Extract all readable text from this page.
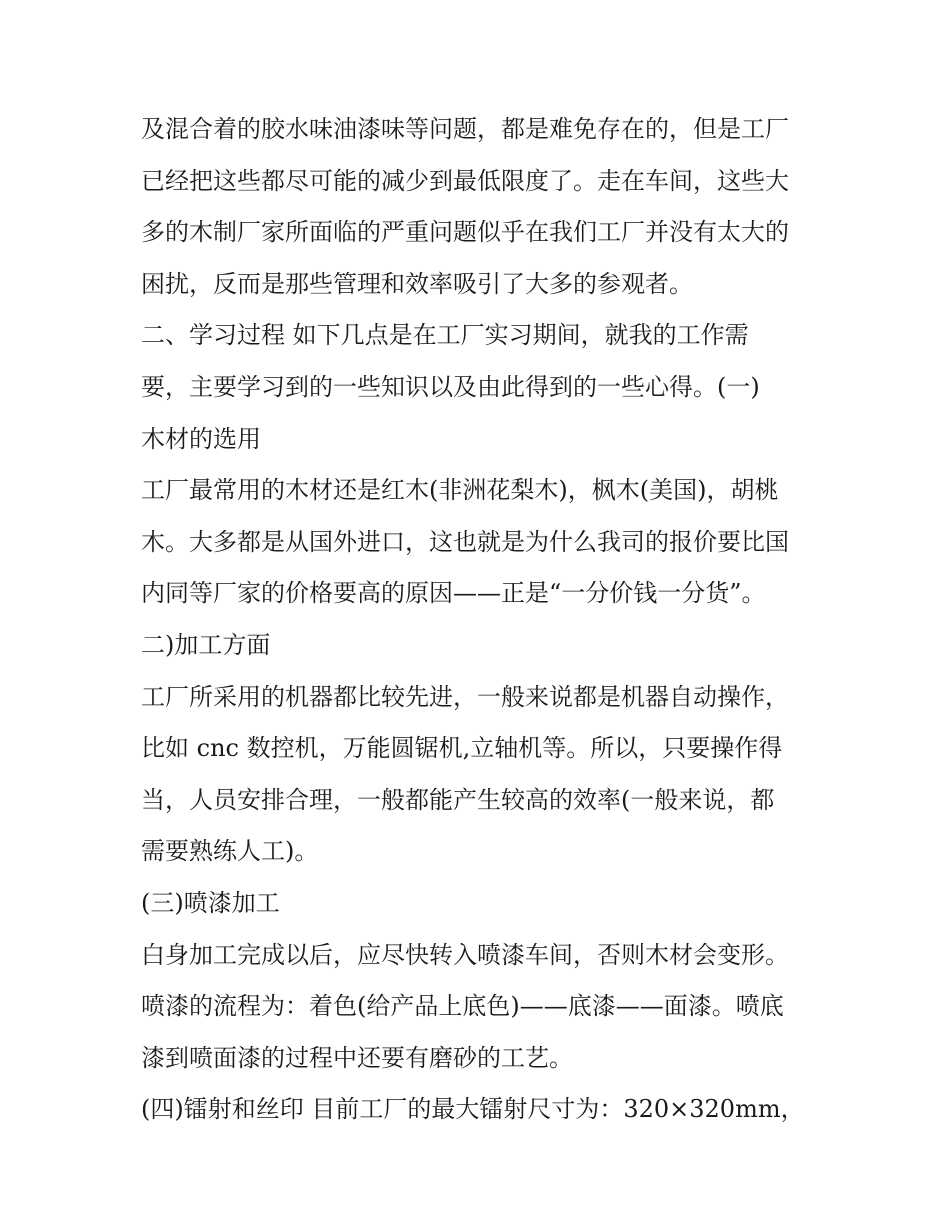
及混合着的胶水味油漆味等问题，都是难免存在的，但是工厂
已经把这些都尽可能的减少到最低限度了。走在车间，这些大
多的木制厂家所面临的严重问题似乎在我们工厂并没有太大的
困扰，反而是那些管理和效率吸引了大多的参观者。
二、学习过程 如下几点是在工厂实习期间，就我的工作需
要，主要学习到的一些知识以及由此得到的一些心得。(一)
木材的选用
工厂最常用的木材还是红木(非洲花梨木)，枫木(美国)，胡桃
木。大多都是从国外进口，这也就是为什么我司的报价要比国
内同等厂家的价格要高的原因——正是“一分价钱一分货”。
二)加工方面
工厂所采用的机器都比较先进，一般来说都是机器自动操作，
比如 cnc 数控机，万能圆锯机,立轴机等。所以，只要操作得
当，人员安排合理，一般都能产生较高的效率(一般来说，都
需要熟练人工)。
(三)喷漆加工
白身加工完成以后，应尽快转入喷漆车间，否则木材会变形。
喷漆的流程为：着色(给产品上底色)——底漆——面漆。喷底
漆到喷面漆的过程中还要有磨砂的工艺。
(四)镭射和丝印 目前工厂的最大镭射尺寸为：320×320mm，
